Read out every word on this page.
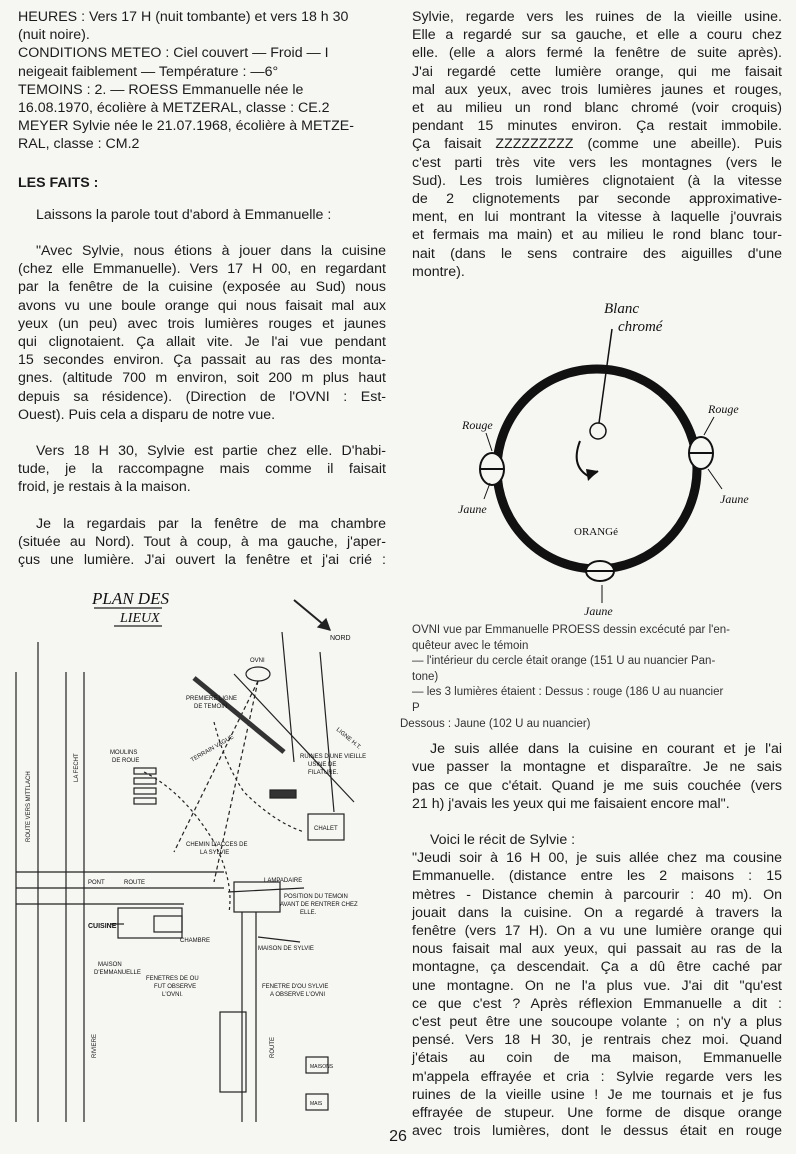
HEURES : Vers 17 H (nuit tombante) et vers 18 h 30
(nuit noire).
CONDITIONS METEO : Ciel couvert — Froid — I
neigeait faiblement — Température : —6°
TEMOINS : 2. — ROESS Emmanuelle née le
16.08.1970, écolière à METZERAL, classe : CE.2
MEYER Sylvie née le 21.07.1968, écolière à METZE-
RAL, classe : CM.2
LES FAITS :
Laissons la parole tout d'abord à Emmanuelle :
"Avec Sylvie, nous étions à jouer dans la cuisine
(chez elle Emmanuelle). Vers 17 H 00, en regardant
par la fenêtre de la cuisine (exposée au Sud) nous
avons vu une boule orange qui nous faisait mal aux
yeux (un peu) avec trois lumières rouges et jaunes
qui clignotaient. Ça allait vite. Je l'ai vue pendant
15 secondes environ. Ça passait au ras des monta-
gnes. (altitude 700 m environ, soit 200 m plus haut
depuis sa résidence). (Direction de l'OVNI : Est-
Ouest). Puis cela a disparu de notre vue.
Vers 18 H 30, Sylvie est partie chez elle. D'habi-
tude, je la raccompagne mais comme il faisait
froid, je restais à la maison.
Je la regardais par la fenêtre de ma chambre
(située au Nord). Tout à coup, à ma gauche, j'aper-
çus une lumière. J'ai ouvert la fenêtre et j'ai crié :
PLAN DES
LIEUX
NORD
OVNI
PREMIERE LIGNE
DE TEMOIN.
MOULINS
DE ROUE	TERRAIN VAGUE	RUINES D'UNE VIEILLE
USINE DE
FILATURE.
LIGNE H.T.
CHEMIN D'ACCES DE
LA SYLVIE
CHALET
PONT	ROUTE	LAMPADAIRE
POSITION DU TEMOIN
AVANT DE RENTRER CHEZ
ELLE.
CUISINE
CHAMBRE
MAISON DE SYLVIE
MAISON
D'EMMANUELLE
FENETRES DE OU
FUT OBSERVE
L'OVNI.
FENETRE D'OU SYLVIE
A OBSERVE L'OVNI
RIVIERE
LA FECHT
ROUTE
ROUTE VERS MITTLACH
MAISONS
MAIS
Sylvie, regarde vers les ruines de la vieille usine.
Elle a regardé sur sa gauche, et elle a couru chez
elle. (elle a alors fermé la fenêtre de suite après).
J'ai regardé cette lumière orange, qui me faisait
mal aux yeux, avec trois lumières jaunes et rouges,
et au milieu un rond blanc chromé (voir croquis)
pendant 15 minutes environ. Ça restait immobile.
Ça faisait ZZZZZZZZZ (comme une abeille). Puis
c'est parti très vite vers les montagnes (vers le
Sud). Les trois lumières clignotaient (à la vitesse
de 2 clignotements par seconde approximative-
ment, en lui montrant la vitesse à laquelle j'ouvrais
et fermais ma main) et au milieu le rond blanc tour-
nait (dans le sens contraire des aiguilles d'une
montre).
Blanc
chromé
Rouge
Rouge
Jaune
Jaune
Jaune
ORANGé
OVNI vue par Emmanuelle PROESS dessin excécuté par l'en-
quêteur avec le témoin
— l'intérieur du cercle était orange (151 U au nuancier Pan-
tone)
— les 3 lumières étaient : Dessus : rouge (186 U au nuancier
P
Dessous : Jaune (102 U au nuancier)
Je suis allée dans la cuisine en courant et je l'ai
vue passer la montagne et disparaître. Je ne sais
pas ce que c'était. Quand je me suis couchée (vers
21 h) j'avais les yeux qui me faisaient encore mal".
Voici le récit de Sylvie :
"Jeudi soir à 16 H 00, je suis allée chez ma cousine
Emmanuelle. (distance entre les 2 maisons : 15
mètres - Distance chemin à parcourir : 40 m). On
jouait dans la cuisine. On a regardé à travers la
fenêtre (vers 17 H). On a vu une lumière orange qui
nous faisait mal aux yeux, qui passait au ras de la
montagne, ça descendait. Ça a dû être caché par
une montagne. On ne l'a plus vue. J'ai dit "qu'est
ce que c'est ? Après réflexion Emmanuelle a dit :
c'est peut être une soucoupe volante ; on n'y a plus
pensé. Vers 18 H 30, je rentrais chez moi. Quand
j'étais au coin de ma maison, Emmanuelle
m'appela effrayée et cria : Sylvie regarde vers les
ruines de la vieille usine ! Je me tournais et je fus
effrayée de stupeur. Une forme de disque orange
avec trois lumières, dont le dessus était en rouge
26
